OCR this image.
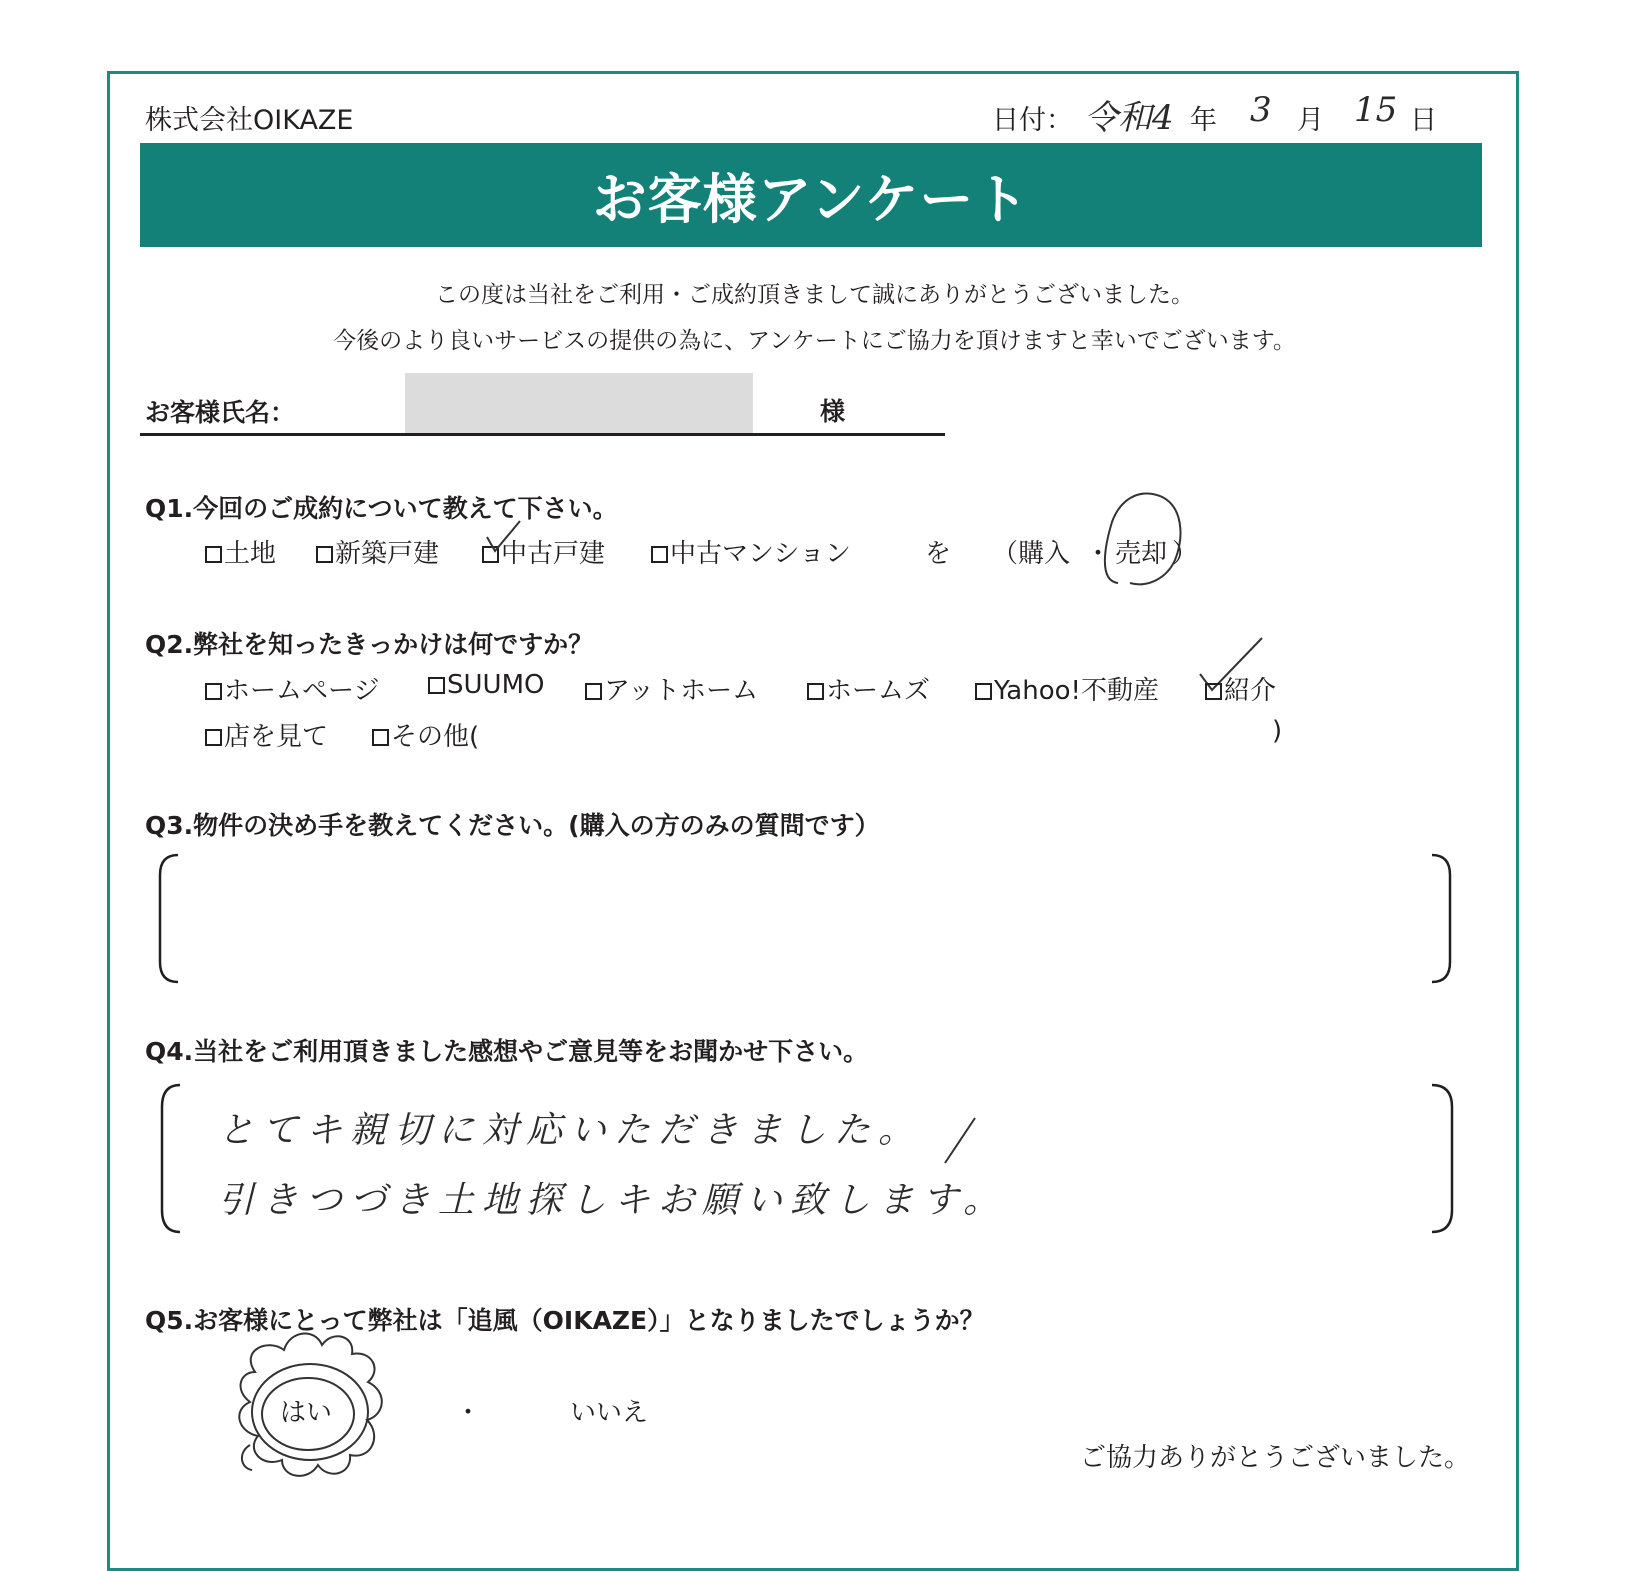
株式会社OIKAZE	日付： 令和4 年 3 月 15 日
お客様アンケート
この度は当社をご利用・ご成約頂きまして誠にありがとうございました。
今後のより良いサービスの提供の為に、アンケートにご協力を頂けますと幸いでございます。
お客様氏名：	様
Q1.今回のご成約について教えて下さい。
土地	新築戸建	中古戸建	中古マンション	を （ 購入 ・ 売却 ）
Q2.弊社を知ったきっかけは何ですか？
ホームページ	SUUMO	アットホーム	ホームズ	Yahoo!不動産	紹介
店を見て	その他(	)
Q3.物件の決め手を教えてください。(購入の方のみの質問です）
Q4.当社をご利用頂きました感想やご意見等をお聞かせ下さい。
とてキ親切に対応いただきました。
引きつづき土地探しキお願い致します。
Q5.お客様にとって弊社は「追風（OIKAZE）」となりましたでしょうか？
はい	・	いいえ
ご協力ありがとうございました。
